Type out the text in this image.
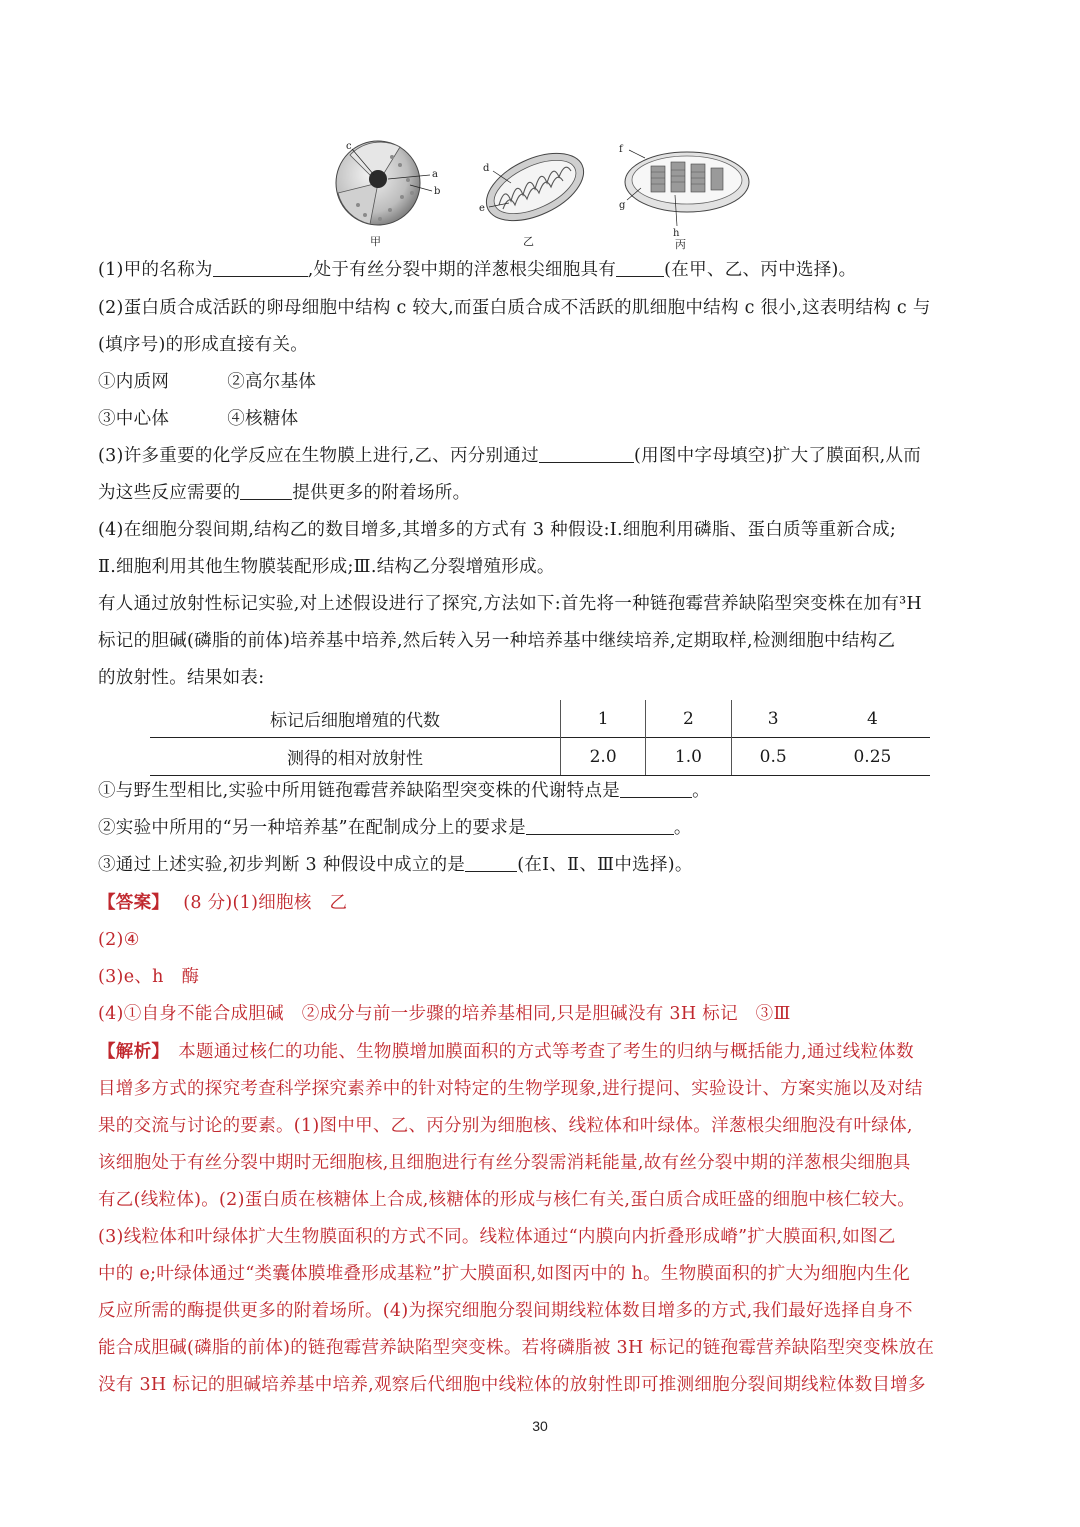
c
a
b
甲
d
e
乙
f
g
h
丙
(1)甲的名称为	,处于有丝分裂中期的洋葱根尖细胞具有	(在甲、乙、丙中选择)。
(2)蛋白质合成活跃的卵母细胞中结构 c 较大,而蛋白质合成不活跃的肌细胞中结构 c 很小,这表明结构 c 与
(填序号)的形成直接有关。
①内质网	②高尔基体
③中心体	④核糖体
(3)许多重要的化学反应在生物膜上进行,乙、丙分别通过	(用图中字母填空)扩大了膜面积,从而
为这些反应需要的	提供更多的附着场所。
(4)在细胞分裂间期,结构乙的数目增多,其增多的方式有 3 种假设:Ⅰ.细胞利用磷脂、蛋白质等重新合成;
Ⅱ.细胞利用其他生物膜装配形成;Ⅲ.结构乙分裂增殖形成。
有人通过放射性标记实验,对上述假设进行了探究,方法如下:首先将一种链孢霉营养缺陷型突变株在加有³H
标记的胆碱(磷脂的前体)培养基中培养,然后转入另一种培养基中继续培养,定期取样,检测细胞中结构乙
的放射性。结果如表:
①与野生型相比,实验中所用链孢霉营养缺陷型突变株的代谢特点是	。
②实验中所用的“另一种培养基”在配制成分上的要求是	。
③通过上述实验,初步判断 3 种假设中成立的是	(在Ⅰ、Ⅱ、Ⅲ中选择)。
【答案】 (8 分)(1)细胞核　乙
(2)④
(3)e、h　酶
(4)①自身不能合成胆碱　②成分与前一步骤的培养基相同,只是胆碱没有 3H 标记　③Ⅲ
【解析】　本题通过核仁的功能、生物膜增加膜面积的方式等考查了考生的归纳与概括能力,通过线粒体数
目增多方式的探究考查科学探究素养中的针对特定的生物学现象,进行提问、实验设计、方案实施以及对结
果的交流与讨论的要素。(1)图中甲、乙、丙分别为细胞核、线粒体和叶绿体。洋葱根尖细胞没有叶绿体,
该细胞处于有丝分裂中期时无细胞核,且细胞进行有丝分裂需消耗能量,故有丝分裂中期的洋葱根尖细胞具
有乙(线粒体)。(2)蛋白质在核糖体上合成,核糖体的形成与核仁有关,蛋白质合成旺盛的细胞中核仁较大。
(3)线粒体和叶绿体扩大生物膜面积的方式不同。线粒体通过“内膜向内折叠形成嵴”扩大膜面积,如图乙
中的 e;叶绿体通过“类囊体膜堆叠形成基粒”扩大膜面积,如图丙中的 h。生物膜面积的扩大为细胞内生化
反应所需的酶提供更多的附着场所。(4)为探究细胞分裂间期线粒体数目增多的方式,我们最好选择自身不
能合成胆碱(磷脂的前体)的链孢霉营养缺陷型突变株。若将磷脂被 3H 标记的链孢霉营养缺陷型突变株放在
没有 3H 标记的胆碱培养基中培养,观察后代细胞中线粒体的放射性即可推测细胞分裂间期线粒体数目增多
标记后细胞增殖的代数	1	2	3	4
测得的相对放射性	2.0	1.0	0.5	0.25
30
